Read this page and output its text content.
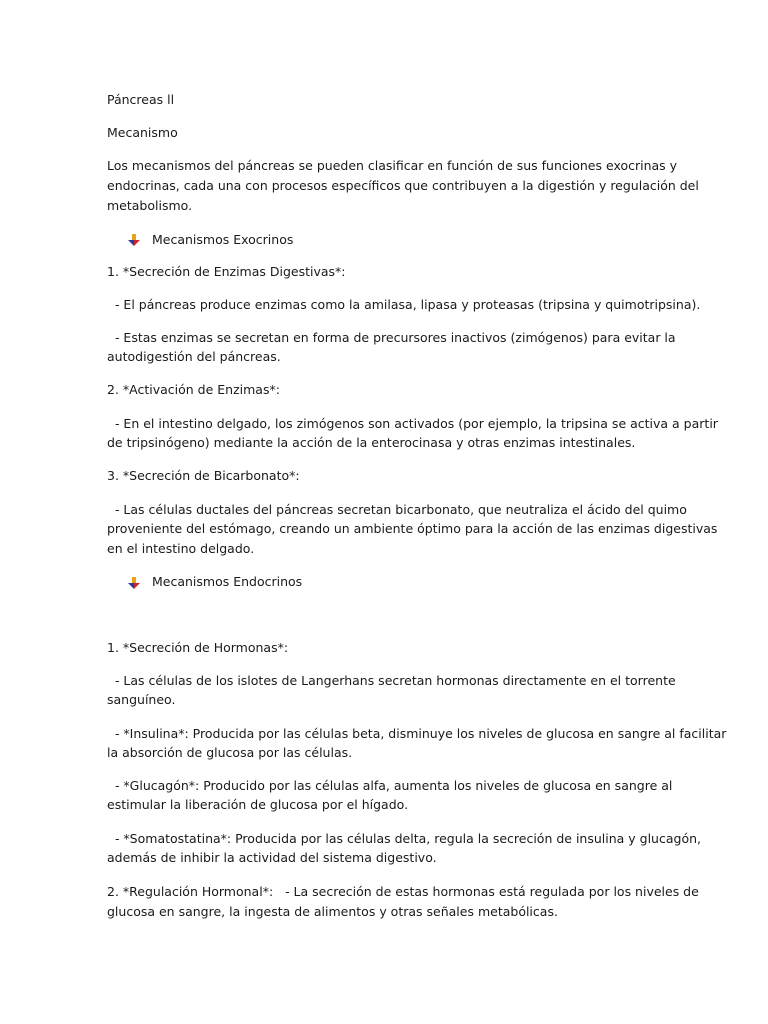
Páncreas ll
Mecanismo
Los mecanismos del páncreas se pueden clasificar en función de sus funciones exocrinas y
endocrinas, cada una con procesos específicos que contribuyen a la digestión y regulación del
metabolismo.
Mecanismos Exocrinos
1. *Secreción de Enzimas Digestivas*:
- El páncreas produce enzimas como la amilasa, lipasa y proteasas (tripsina y quimotripsina).
- Estas enzimas se secretan en forma de precursores inactivos (zimógenos) para evitar la
autodigestión del páncreas.
2. *Activación de Enzimas*:
- En el intestino delgado, los zimógenos son activados (por ejemplo, la tripsina se activa a partir
de tripsinógeno) mediante la acción de la enterocinasa y otras enzimas intestinales.
3. *Secreción de Bicarbonato*:
- Las células ductales del páncreas secretan bicarbonato, que neutraliza el ácido del quimo
proveniente del estómago, creando un ambiente óptimo para la acción de las enzimas digestivas
en el intestino delgado.
Mecanismos Endocrinos
1. *Secreción de Hormonas*:
- Las células de los islotes de Langerhans secretan hormonas directamente en el torrente
sanguíneo.
- *Insulina*: Producida por las células beta, disminuye los niveles de glucosa en sangre al facilitar
la absorción de glucosa por las células.
- *Glucagón*: Producido por las células alfa, aumenta los niveles de glucosa en sangre al
estimular la liberación de glucosa por el hígado.
- *Somatostatina*: Producida por las células delta, regula la secreción de insulina y glucagón,
además de inhibir la actividad del sistema digestivo.
2. *Regulación Hormonal*:   - La secreción de estas hormonas está regulada por los niveles de
glucosa en sangre, la ingesta de alimentos y otras señales metabólicas.
